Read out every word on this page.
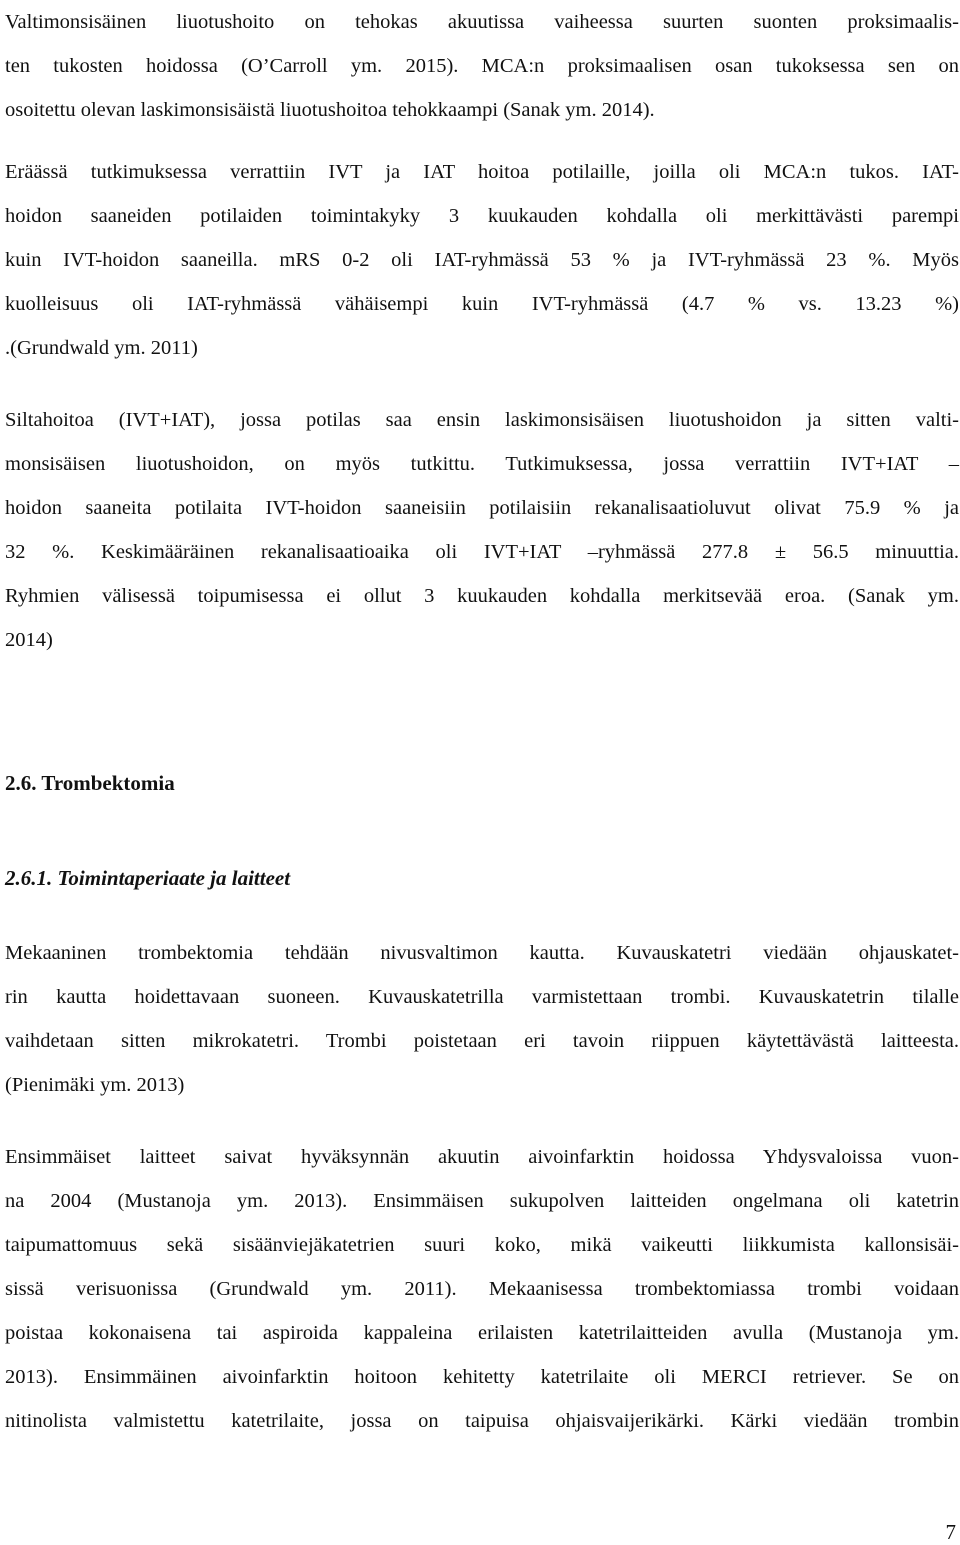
Valtimonsisäinen liuotushoito on tehokas akuutissa vaiheessa suurten suonten proksimaalis-
ten tukosten hoidossa (O’Carroll ym. 2015). MCA:n proksimaalisen osan tukoksessa sen on
osoitettu olevan laskimonsisäistä liuotushoitoa tehokkaampi (Sanak ym. 2014).
Eräässä tutkimuksessa verrattiin IVT ja IAT hoitoa potilaille, joilla oli MCA:n tukos. IAT-
hoidon saaneiden potilaiden toimintakyky 3 kuukauden kohdalla oli merkittävästi parempi
kuin IVT-hoidon saaneilla. mRS 0-2 oli IAT-ryhmässä 53 % ja IVT-ryhmässä 23 %. Myös
kuolleisuus oli IAT-ryhmässä vähäisempi kuin IVT-ryhmässä (4.7 % vs. 13.23 %)
.(Grundwald ym. 2011)
Siltahoitoa (IVT+IAT), jossa potilas saa ensin laskimonsisäisen liuotushoidon ja sitten valti-
monsisäisen liuotushoidon, on myös tutkittu. Tutkimuksessa, jossa verrattiin IVT+IAT –
hoidon saaneita potilaita IVT-hoidon saaneisiin potilaisiin rekanalisaatioluvut olivat 75.9 % ja
32 %. Keskimääräinen rekanalisaatioaika oli IVT+IAT –ryhmässä 277.8 ± 56.5 minuuttia.
Ryhmien välisessä toipumisessa ei ollut 3 kuukauden kohdalla merkitsevää eroa. (Sanak ym.
2014)
2.6. Trombektomia
2.6.1. Toimintaperiaate ja laitteet
Mekaaninen trombektomia tehdään nivusvaltimon kautta. Kuvauskatetri viedään ohjauskatet-
rin kautta hoidettavaan suoneen. Kuvauskatetrilla varmistettaan trombi. Kuvauskatetrin tilalle
vaihdetaan sitten mikrokatetri. Trombi poistetaan eri tavoin riippuen käytettävästä laitteesta.
(Pienimäki ym. 2013)
Ensimmäiset laitteet saivat hyväksynnän akuutin aivoinfarktin hoidossa Yhdysvaloissa vuon-
na 2004 (Mustanoja ym. 2013). Ensimmäisen sukupolven laitteiden ongelmana oli katetrin
taipumattomuus sekä sisäänviejäkatetrien suuri koko, mikä vaikeutti liikkumista kallonsisäi-
sissä verisuonissa (Grundwald ym. 2011). Mekaanisessa trombektomiassa trombi voidaan
poistaa kokonaisena tai aspiroida kappaleina erilaisten katetrilaitteiden avulla (Mustanoja ym.
2013). Ensimmäinen aivoinfarktin hoitoon kehitetty katetrilaite oli MERCI retriever. Se on
nitinolista valmistettu katetrilaite, jossa on taipuisa ohjaisvaijerikärki. Kärki viedään trombin
7
